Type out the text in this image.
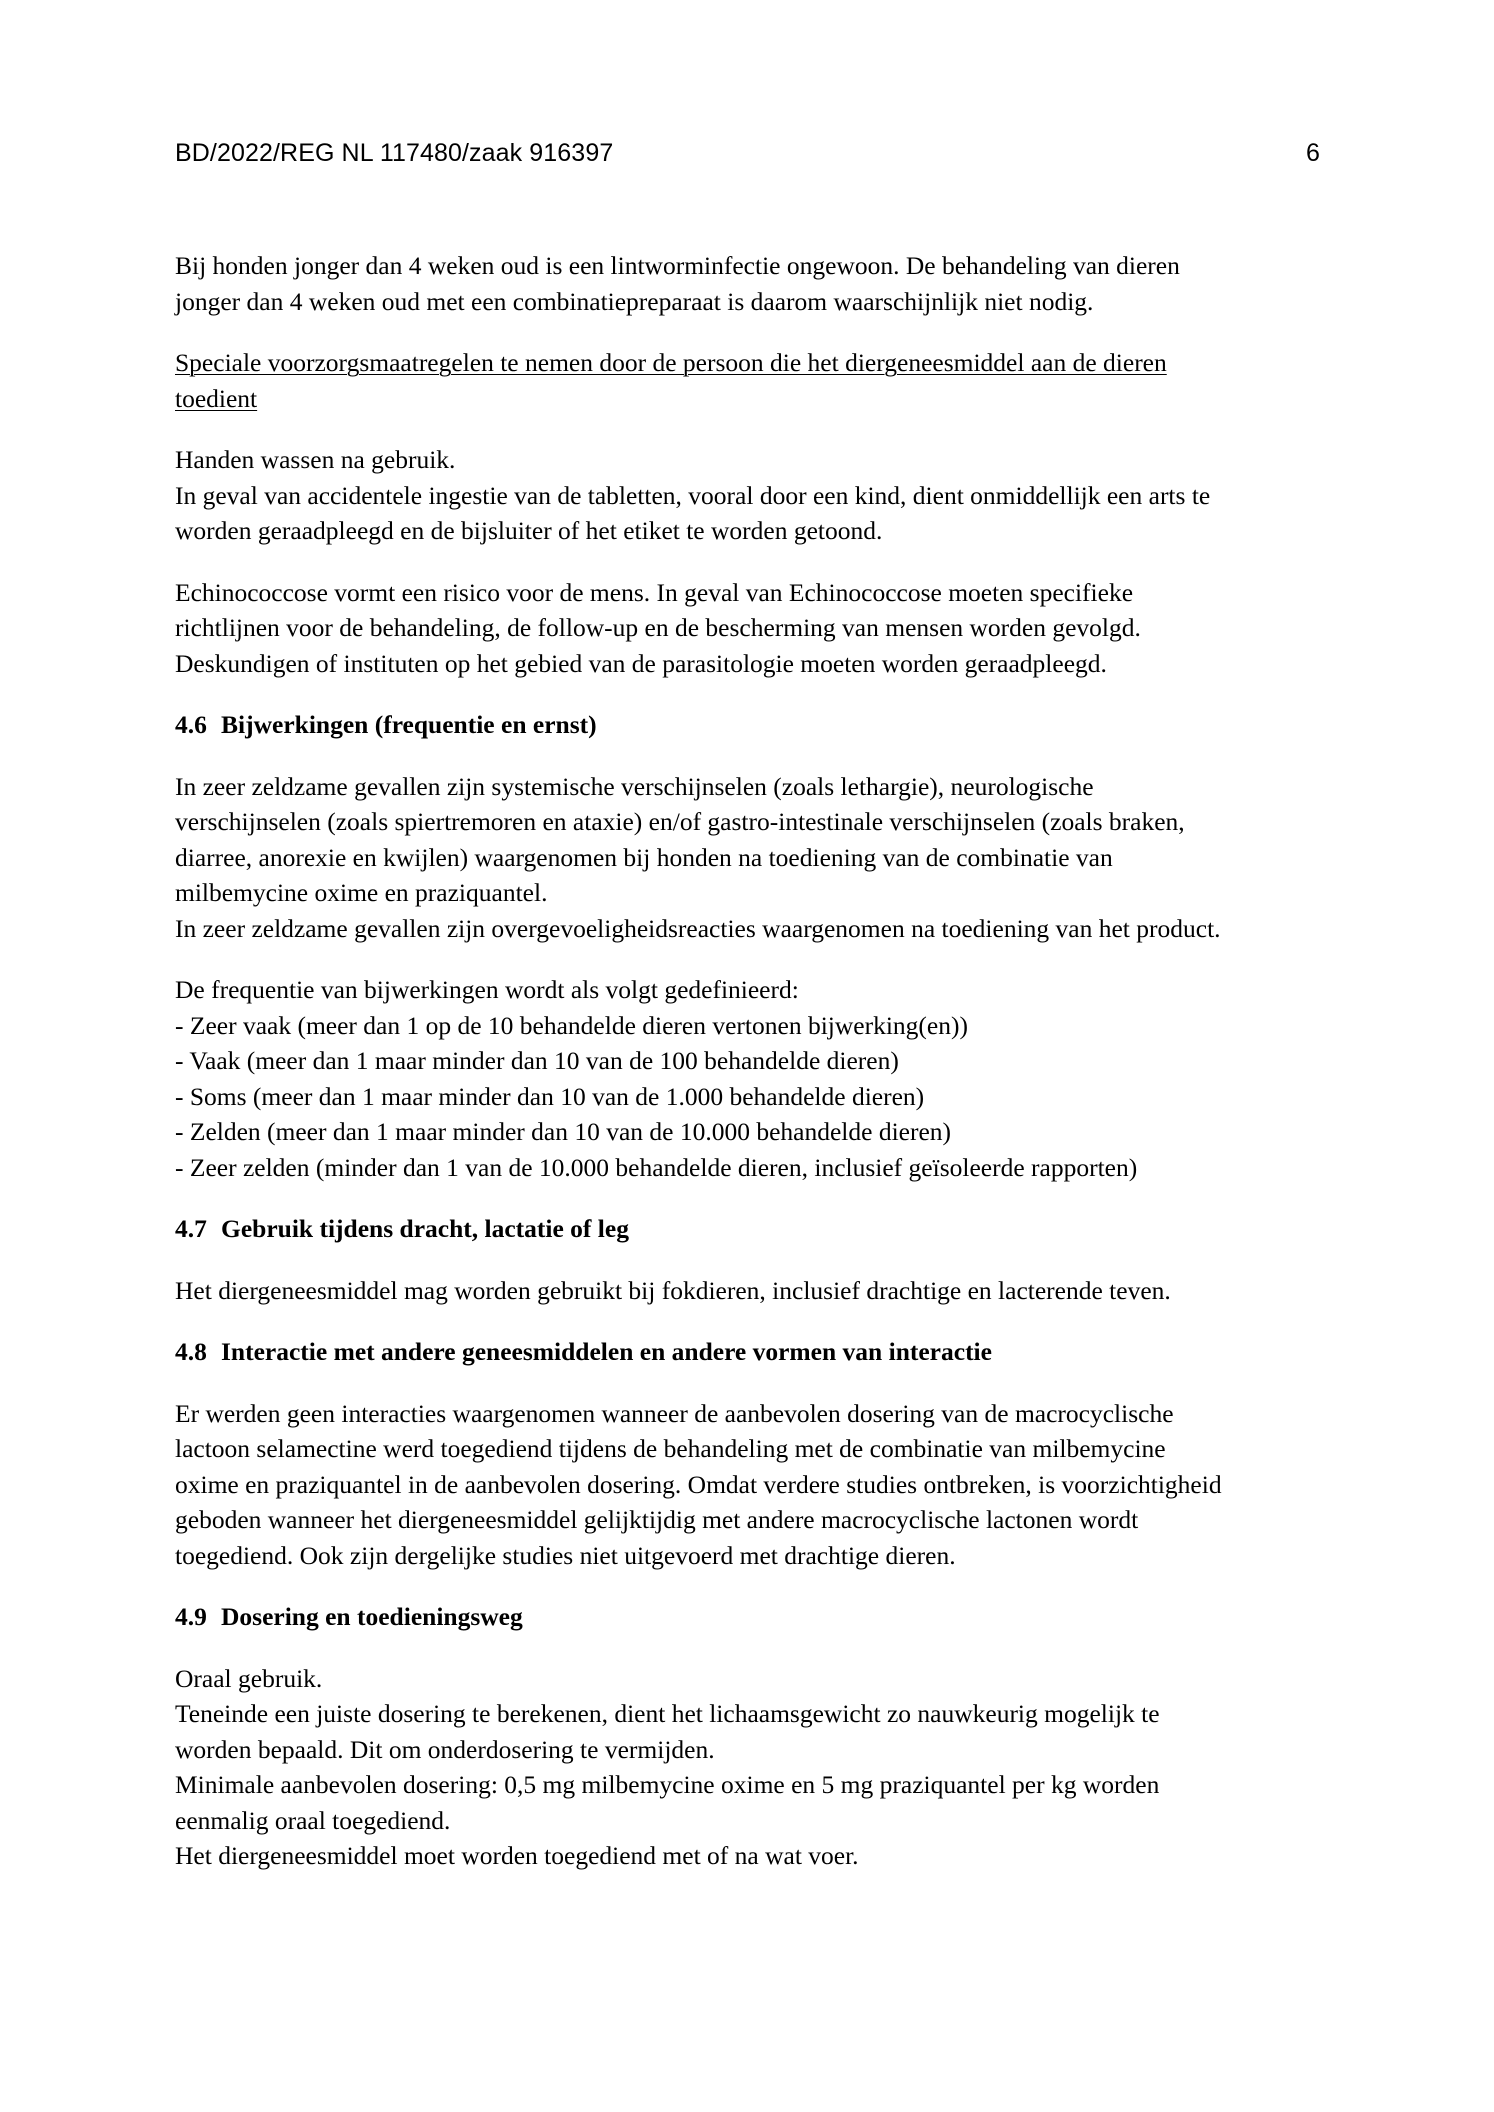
BD/2022/REG NL 117480/zaak 916397	6

Bij honden jonger dan 4 weken oud is een lintworminfectie ongewoon. De behandeling van dieren
jonger dan 4 weken oud met een combinatiepreparaat is daarom waarschijnlijk niet nodig.

Speciale voorzorgsmaatregelen te nemen door de persoon die het diergeneesmiddel aan de dieren
toedient

Handen wassen na gebruik.
In geval van accidentele ingestie van de tabletten, vooral door een kind, dient onmiddellijk een arts te
worden geraadpleegd en de bijsluiter of het etiket te worden getoond.

Echinococcose vormt een risico voor de mens. In geval van Echinococcose moeten specifieke
richtlijnen voor de behandeling, de follow-up en de bescherming van mensen worden gevolgd.
Deskundigen of instituten op het gebied van de parasitologie moeten worden geraadpleegd.

4.6 Bijwerkingen (frequentie en ernst)

In zeer zeldzame gevallen zijn systemische verschijnselen (zoals lethargie), neurologische
verschijnselen (zoals spiertremoren en ataxie) en/of gastro-intestinale verschijnselen (zoals braken,
diarree, anorexie en kwijlen) waargenomen bij honden na toediening van de combinatie van
milbemycine oxime en praziquantel.
In zeer zeldzame gevallen zijn overgevoeligheidsreacties waargenomen na toediening van het product.

De frequentie van bijwerkingen wordt als volgt gedefinieerd:
- Zeer vaak (meer dan 1 op de 10 behandelde dieren vertonen bijwerking(en))
- Vaak (meer dan 1 maar minder dan 10 van de 100 behandelde dieren)
- Soms (meer dan 1 maar minder dan 10 van de 1.000 behandelde dieren)
- Zelden (meer dan 1 maar minder dan 10 van de 10.000 behandelde dieren)
- Zeer zelden (minder dan 1 van de 10.000 behandelde dieren, inclusief geïsoleerde rapporten)
4.7 Gebruik tijdens dracht, lactatie of leg

Het diergeneesmiddel mag worden gebruikt bij fokdieren, inclusief drachtige en lacterende teven.

4.8 Interactie met andere geneesmiddelen en andere vormen van interactie

Er werden geen interacties waargenomen wanneer de aanbevolen dosering van de macrocyclische
lactoon selamectine werd toegediend tijdens de behandeling met de combinatie van milbemycine
oxime en praziquantel in de aanbevolen dosering. Omdat verdere studies ontbreken, is voorzichtigheid
geboden wanneer het diergeneesmiddel gelijktijdig met andere macrocyclische lactonen wordt
toegediend. Ook zijn dergelijke studies niet uitgevoerd met drachtige dieren.

4.9 Dosering en toedieningsweg

Oraal gebruik.
Teneinde een juiste dosering te berekenen, dient het lichaamsgewicht zo nauwkeurig mogelijk te
worden bepaald. Dit om onderdosering te vermijden.
Minimale aanbevolen dosering: 0,5 mg milbemycine oxime en 5 mg praziquantel per kg worden
eenmalig oraal toegediend.
Het diergeneesmiddel moet worden toegediend met of na wat voer.
